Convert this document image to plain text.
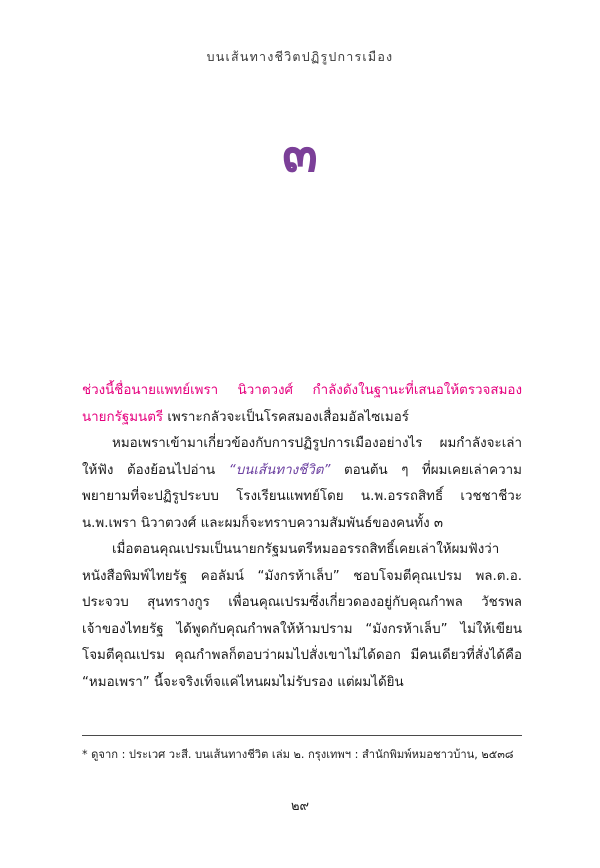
บนเส้นทางชีวิตปฏิรูปการเมือง
๓

ช่วงนี้ชื่อนายแพทย์เพรา นิวาตวงศ์ กำลังดังในฐานะที่เสนอให้ตรวจสมองนายกรัฐมนตรี เพราะกลัวจะเป็นโรคสมองเสื่อมอัลไซเมอร์

หมอเพราเข้ามาเกี่ยวข้องกับการปฏิรูปการเมืองอย่างไร ผมกำลังจะเล่าให้ฟัง ต้องย้อนไปอ่าน “บนเส้นทางชีวิต” ตอนต้น ๆ ที่ผมเคยเล่าความพยายามที่จะปฏิรูประบบ โรงเรียนแพทย์โดย น.พ.อรรถสิทธิ์ เวชชาชีวะ น.พ.เพรา นิวาตวงศ์ และผมก็จะทราบความสัมพันธ์ของคนทั้ง ๓

เมื่อตอนคุณเปรมเป็นนายกรัฐมนตรีหมออรรถสิทธิ์เคยเล่าให้ผมฟังว่า หนังสือพิมพ์ไทยรัฐ คอลัมน์ “มังกรห้าเล็บ” ชอบโจมตีคุณเปรม พล.ต.อ. ประจวบ สุนทรางกูร เพื่อนคุณเปรมซึ่งเกี่ยวดองอยู่กับคุณกำพล วัชรพล เจ้าของไทยรัฐ ได้พูดกับคุณกำพลให้ห้ามปราม “มังกรห้าเล็บ” ไม่ให้เขียนโจมตีคุณเปรม คุณกำพลก็ตอบว่าผมไปสั่งเขาไม่ได้ดอก มีคนเดียวที่สั่งได้คือ “หมอเพรา” นี้จะจริงเท็จแค่ไหนผมไม่รับรอง แต่ผมได้ยิน

* ดูจาก : ประเวศ วะสี. บนเส้นทางชีวิต เล่ม ๒. กรุงเทพฯ : สำนักพิมพ์หมอชาวบ้าน, ๒๕๓๘
๒๙
